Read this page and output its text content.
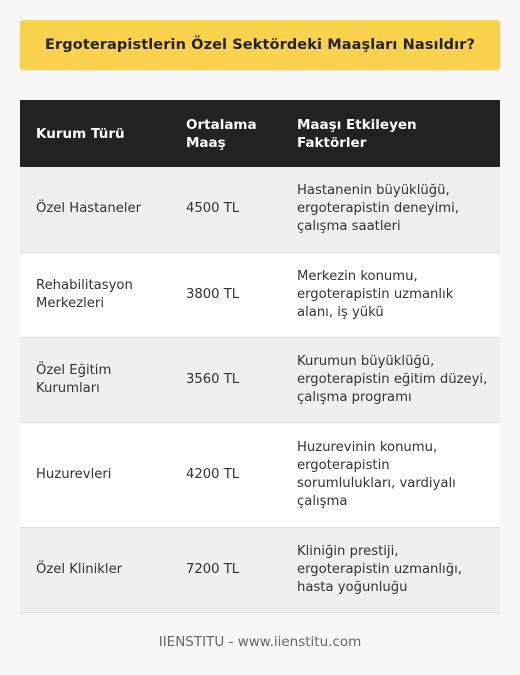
Ergoterapistlerin Özel Sektördeki Maaşları Nasıldır?
Kurum Türü	Ortalama Maaş	Maaşı Etkileyen Faktörler
Özel Hastaneler	4500 TL	Hastanenin büyüklüğü, ergoterapistin deneyimi, çalışma saatleri
Rehabilitasyon Merkezleri	3800 TL	Merkezin konumu, ergoterapistin uzmanlık alanı, iş yükü
Özel Eğitim Kurumları	3560 TL	Kurumun büyüklüğü, ergoterapistin eğitim düzeyi, çalışma programı
Huzurevleri	4200 TL	Huzurevinin konumu, ergoterapistin sorumlulukları, vardiyalı çalışma
Özel Klinikler	7200 TL	Kliniğin prestiji, ergoterapistin uzmanlığı, hasta yoğunluğu
IIENSTITU - www.iienstitu.com
